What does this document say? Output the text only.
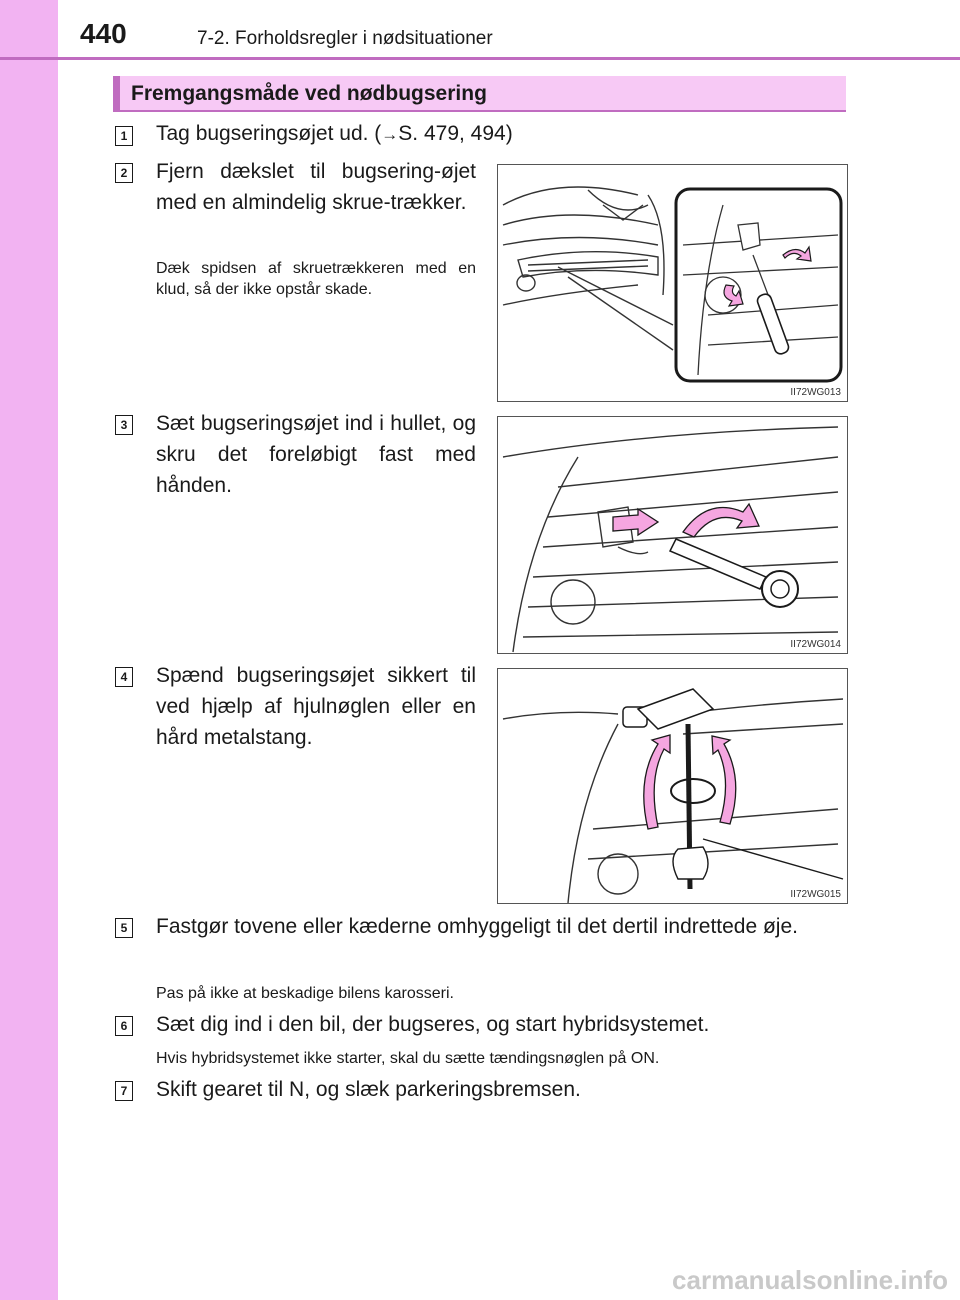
440	7-2. Forholdsregler i nødsituationer
Fremgangsmåde ved nødbugsering
1 Tag bugseringsøjet ud. (→S. 479, 494)
2 Fjern dækslet til bugsering-øjet med en almindelig skrue-trækker.
Dæk spidsen af skruetrækkeren med en klud, så der ikke opstår skade.
II72WG013
3 Sæt bugseringsøjet ind i hullet, og skru det foreløbigt fast med hånden.
II72WG014
4 Spænd bugseringsøjet sikkert til ved hjælp af hjulnøglen eller en hård metalstang.
II72WG015
5 Fastgør tovene eller kæderne omhyggeligt til det dertil indrettede øje.
Pas på ikke at beskadige bilens karosseri.
6 Sæt dig ind i den bil, der bugseres, og start hybridsystemet.
Hvis hybridsystemet ikke starter, skal du sætte tændingsnøglen på ON.
7 Skift gearet til N, og slæk parkeringsbremsen.
carmanualsonline.info
